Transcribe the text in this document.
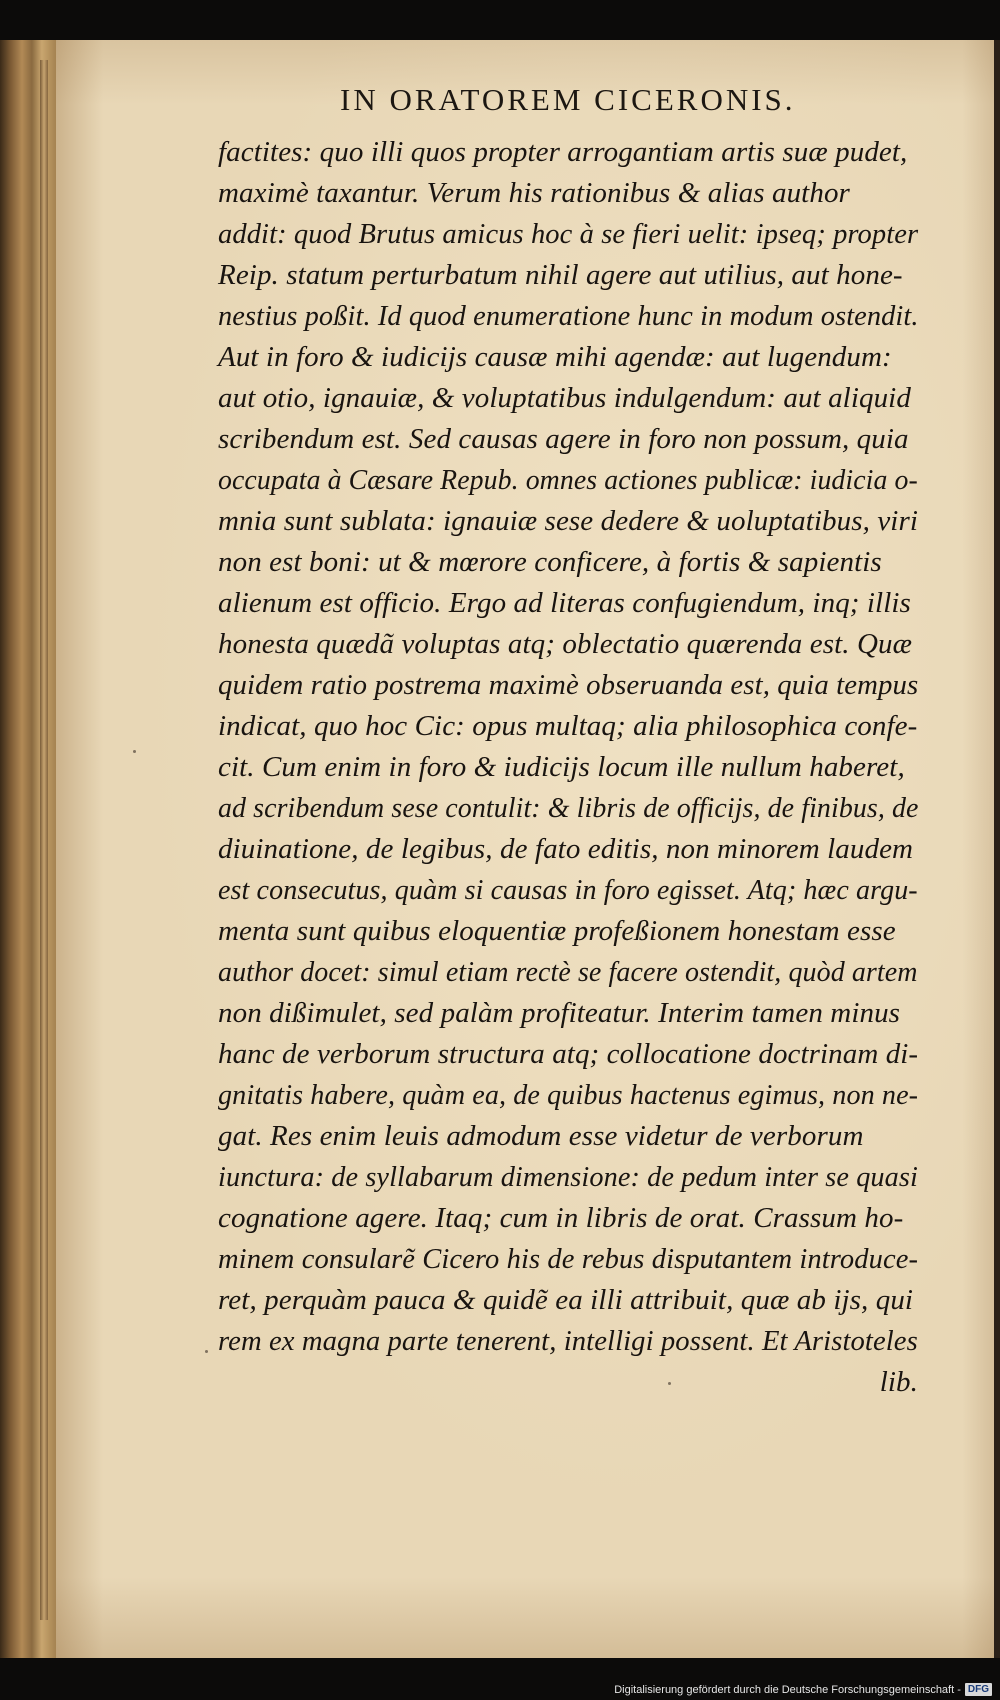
IN ORATOREM CICERONIS.
factites: quo illi quos propter arrogantiam artis suæ pudet,
maximè taxantur. Verum his rationibus & alias author
addit: quod Brutus amicus hoc à se fieri uelit: ipseq; propter
Reip. statum perturbatum nihil agere aut utilius, aut hone-
nestius poßit. Id quod enumeratione hunc in modum ostendit.
Aut in foro & iudicijs causæ mihi agendæ: aut lugendum:
aut otio, ignauiæ, & voluptatibus indulgendum: aut aliquid
scribendum est. Sed causas agere in foro non possum, quia
occupata à Cæsare Repub. omnes actiones publicæ: iudicia o-
mnia sunt sublata: ignauiæ sese dedere & uoluptatibus, viri
non est boni: ut & mœrore conficere, à fortis & sapientis
alienum est officio. Ergo ad literas confugiendum, inq; illis
honesta quædã voluptas atq; oblectatio quærenda est. Quæ
quidem ratio postrema maximè obseruanda est, quia tempus
indicat, quo hoc Cic: opus multaq; alia philosophica confe-
cit. Cum enim in foro & iudicijs locum ille nullum haberet,
ad scribendum sese contulit: & libris de officijs, de finibus, de
diuinatione, de legibus, de fato editis, non minorem laudem
est consecutus, quàm si causas in foro egisset. Atq; hæc argu-
menta sunt quibus eloquentiæ profeßionem honestam esse
author docet: simul etiam rectè se facere ostendit, quòd artem
non dißimulet, sed palàm profiteatur. Interim tamen minus
hanc de verborum structura atq; collocatione doctrinam di-
gnitatis habere, quàm ea, de quibus hactenus egimus, non ne-
gat. Res enim leuis admodum esse videtur de verborum
iunctura: de syllabarum dimensione: de pedum inter se quasi
cognatione agere. Itaq; cum in libris de orat. Crassum ho-
minem consularẽ Cicero his de rebus disputantem introduce-
ret, perquàm pauca & quidẽ ea illi attribuit, quæ ab ijs, qui
rem ex magna parte tenerent, intelligi possent. Et Aristoteles
lib.
Digitalisierung gefördert durch die Deutsche Forschungsgemeinschaft - DFG
